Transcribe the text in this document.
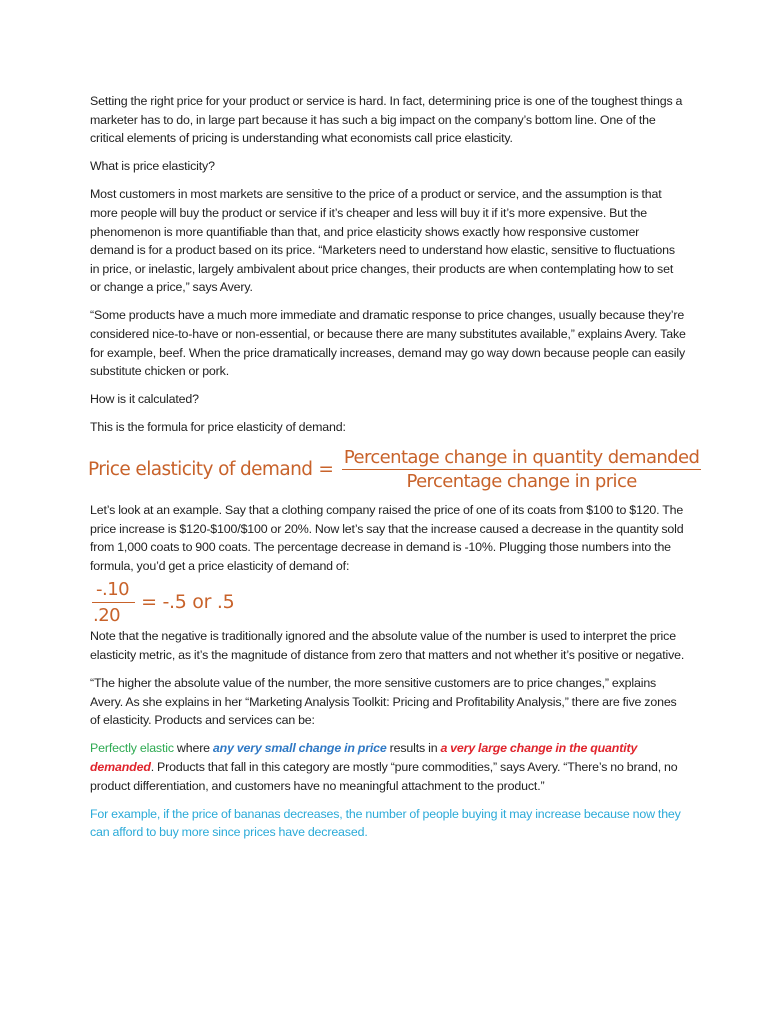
Setting the right price for your product or service is hard. In fact, determining price is one of the toughest things a marketer has to do, in large part because it has such a big impact on the company’s bottom line. One of the critical elements of pricing is understanding what economists call price elasticity.

What is price elasticity?

Most customers in most markets are sensitive to the price of a product or service, and the assumption is that more people will buy the product or service if it’s cheaper and less will buy it if it’s more expensive. But the phenomenon is more quantifiable than that, and price elasticity shows exactly how responsive customer demand is for a product based on its price. “Marketers need to understand how elastic, sensitive to fluctuations in price, or inelastic, largely ambivalent about price changes, their products are when contemplating how to set or change a price,” says Avery.

“Some products have a much more immediate and dramatic response to price changes, usually because they’re considered nice-to-have or non-essential, or because there are many substitutes available,” explains Avery. Take for example, beef. When the price dramatically increases, demand may go way down because people can easily substitute chicken or pork.

How is it calculated?

This is the formula for price elasticity of demand:

Price elasticity of demand = $\frac{\text{Percentage change in quantity demanded}}{\text{Percentage change in price}}$

Let’s look at an example. Say that a clothing company raised the price of one of its coats from $100 to $120. The price increase is $120-$100/$100 or 20%. Now let’s say that the increase caused a decrease in the quantity sold from 1,000 coats to 900 coats. The percentage decrease in demand is -10%. Plugging those numbers into the formula, you’d get a price elasticity of demand of:

$\frac{-.10}{.20} = -.5$ or .5

Note that the negative is traditionally ignored and the absolute value of the number is used to interpret the price elasticity metric, as it’s the magnitude of distance from zero that matters and not whether it’s positive or negative.

“The higher the absolute value of the number, the more sensitive customers are to price changes,” explains Avery. As she explains in her “Marketing Analysis Toolkit: Pricing and Profitability Analysis,” there are five zones of elasticity. Products and services can be:

Perfectly elastic where any very small change in price results in a very large change in the quantity demanded. Products that fall in this category are mostly “pure commodities,” says Avery. “There’s no brand, no product differentiation, and customers have no meaningful attachment to the product.”

For example, if the price of bananas decreases, the number of people buying it may increase because now they can afford to buy more since prices have decreased.
